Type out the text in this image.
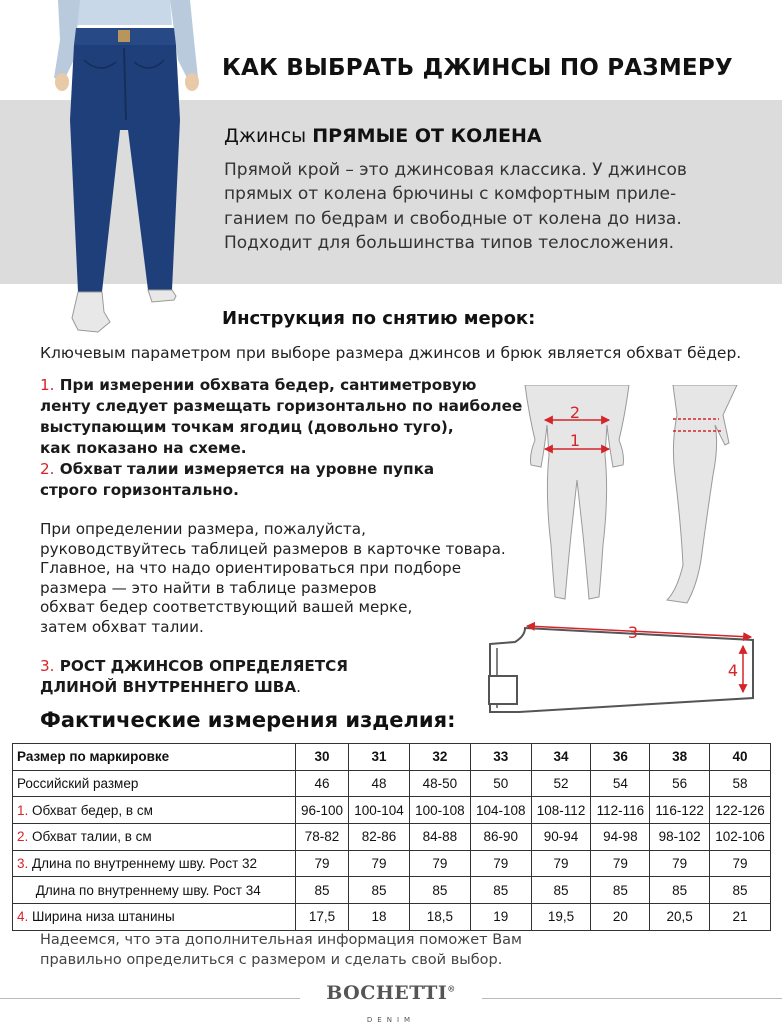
КАК ВЫБРАТЬ ДЖИНСЫ ПО РАЗМЕРУ
Джинсы ПРЯМЫЕ ОТ КОЛЕНА
Прямой крой – это джинсовая классика. У джинсов
прямых от колена брючины с комфортным приле-
ганием по бедрам и свободные от колена до низа.
Подходит для большинства типов телосложения.
Инструкция по снятию мерок:
Ключевым параметром при выборе размера джинсов и брюк является обхват бёдер.
1. При измерении обхвата бедер, сантиметровую
ленту следует размещать горизонтально по наиболее
выступающим точкам ягодиц (довольно туго),
как показано на схеме.
2. Обхват талии измеряется на уровне пупка
строго горизонтально.
При определении размера, пожалуйста,
руководствуйтесь таблицей размеров в карточке товара.
Главное, на что надо ориентироваться при подборе
размера — это найти в таблице размеров
обхват бедер соответствующий вашей мерке,
затем обхват талии.
3. РОСТ ДЖИНСОВ ОПРЕДЕЛЯЕТСЯ
ДЛИНОЙ ВНУТРЕННЕГО ШВА.
2
1
3
4
Фактические измерения изделия:
Размер по маркировке	30	31	32	33	34	36	38	40
Российский размер	46	48	48-50	50	52	54	56	58
1. Обхват бедер, в см	96-100	100-104	100-108	104-108	108-112	112-116	116-122	122-126
2. Обхват талии, в см	78-82	82-86	84-88	86-90	90-94	94-98	98-102	102-106
3. Длина по внутреннему шву. Рост 32	79	79	79	79	79	79	79	79
Длина по внутреннему шву. Рост 34	85	85	85	85	85	85	85	85
4. Ширина низа штанины	17,5	18	18,5	19	19,5	20	20,5	21
Надеемся, что эта дополнительная информация поможет Вам
правильно определиться с размером и сделать свой выбор.
BOCHETTI®
DENIM
